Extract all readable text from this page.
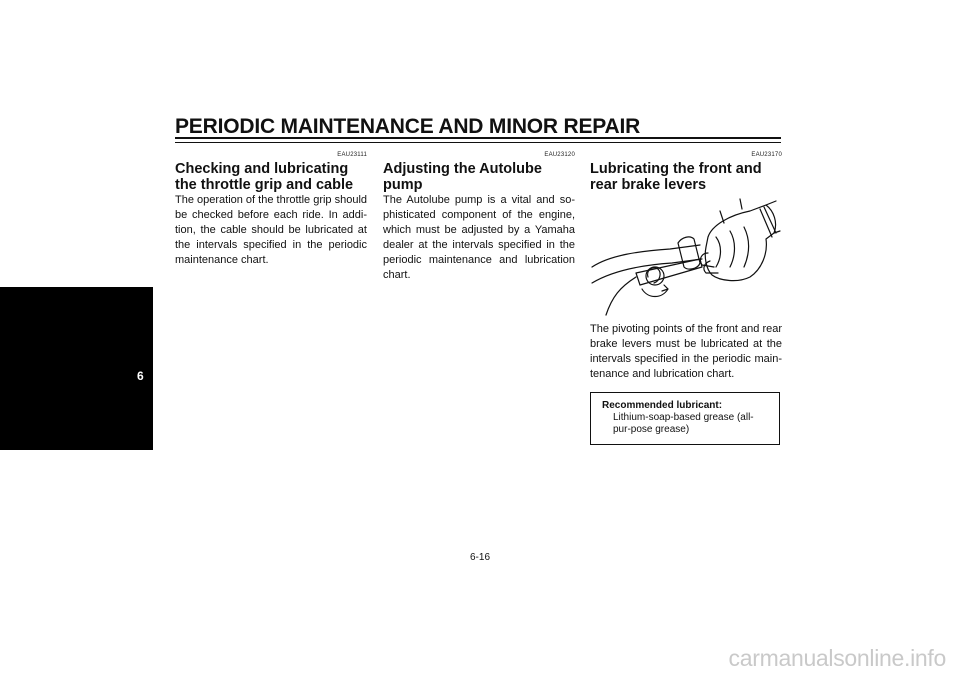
PERIODIC MAINTENANCE AND MINOR REPAIR
6
EAU23111
Checking and lubricating the throttle grip and cable
The operation of the throttle grip should be checked before each ride. In addi-tion, the cable should be lubricated at the intervals specified in the periodic maintenance chart.
EAU23120
Adjusting the Autolube pump
The Autolube pump is a vital and so-phisticated component of the engine, which must be adjusted by a Yamaha dealer at the intervals specified in the periodic maintenance and lubrication chart.
EAU23170
Lubricating the front and rear brake levers
The pivoting points of the front and rear brake levers must be lubricated at the intervals specified in the periodic main-tenance and lubrication chart.
Recommended lubricant:
Lithium-soap-based grease (all-pur-pose grease)
6-16
carmanualsonline.info
